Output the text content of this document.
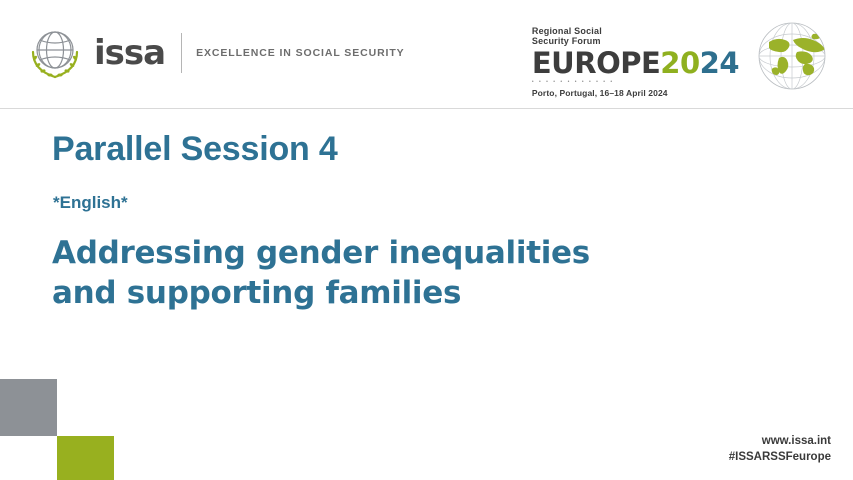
issa	EXCELLENCE IN SOCIAL SECURITY
Regional Social
Security Forum
EUROPE2024
• • • • • • • • • • • •
Porto, Portugal, 16–18 April 2024
Parallel Session 4
*English*
Addressing gender inequalities
and supporting families
www.issa.int
#ISSARSSFeurope
